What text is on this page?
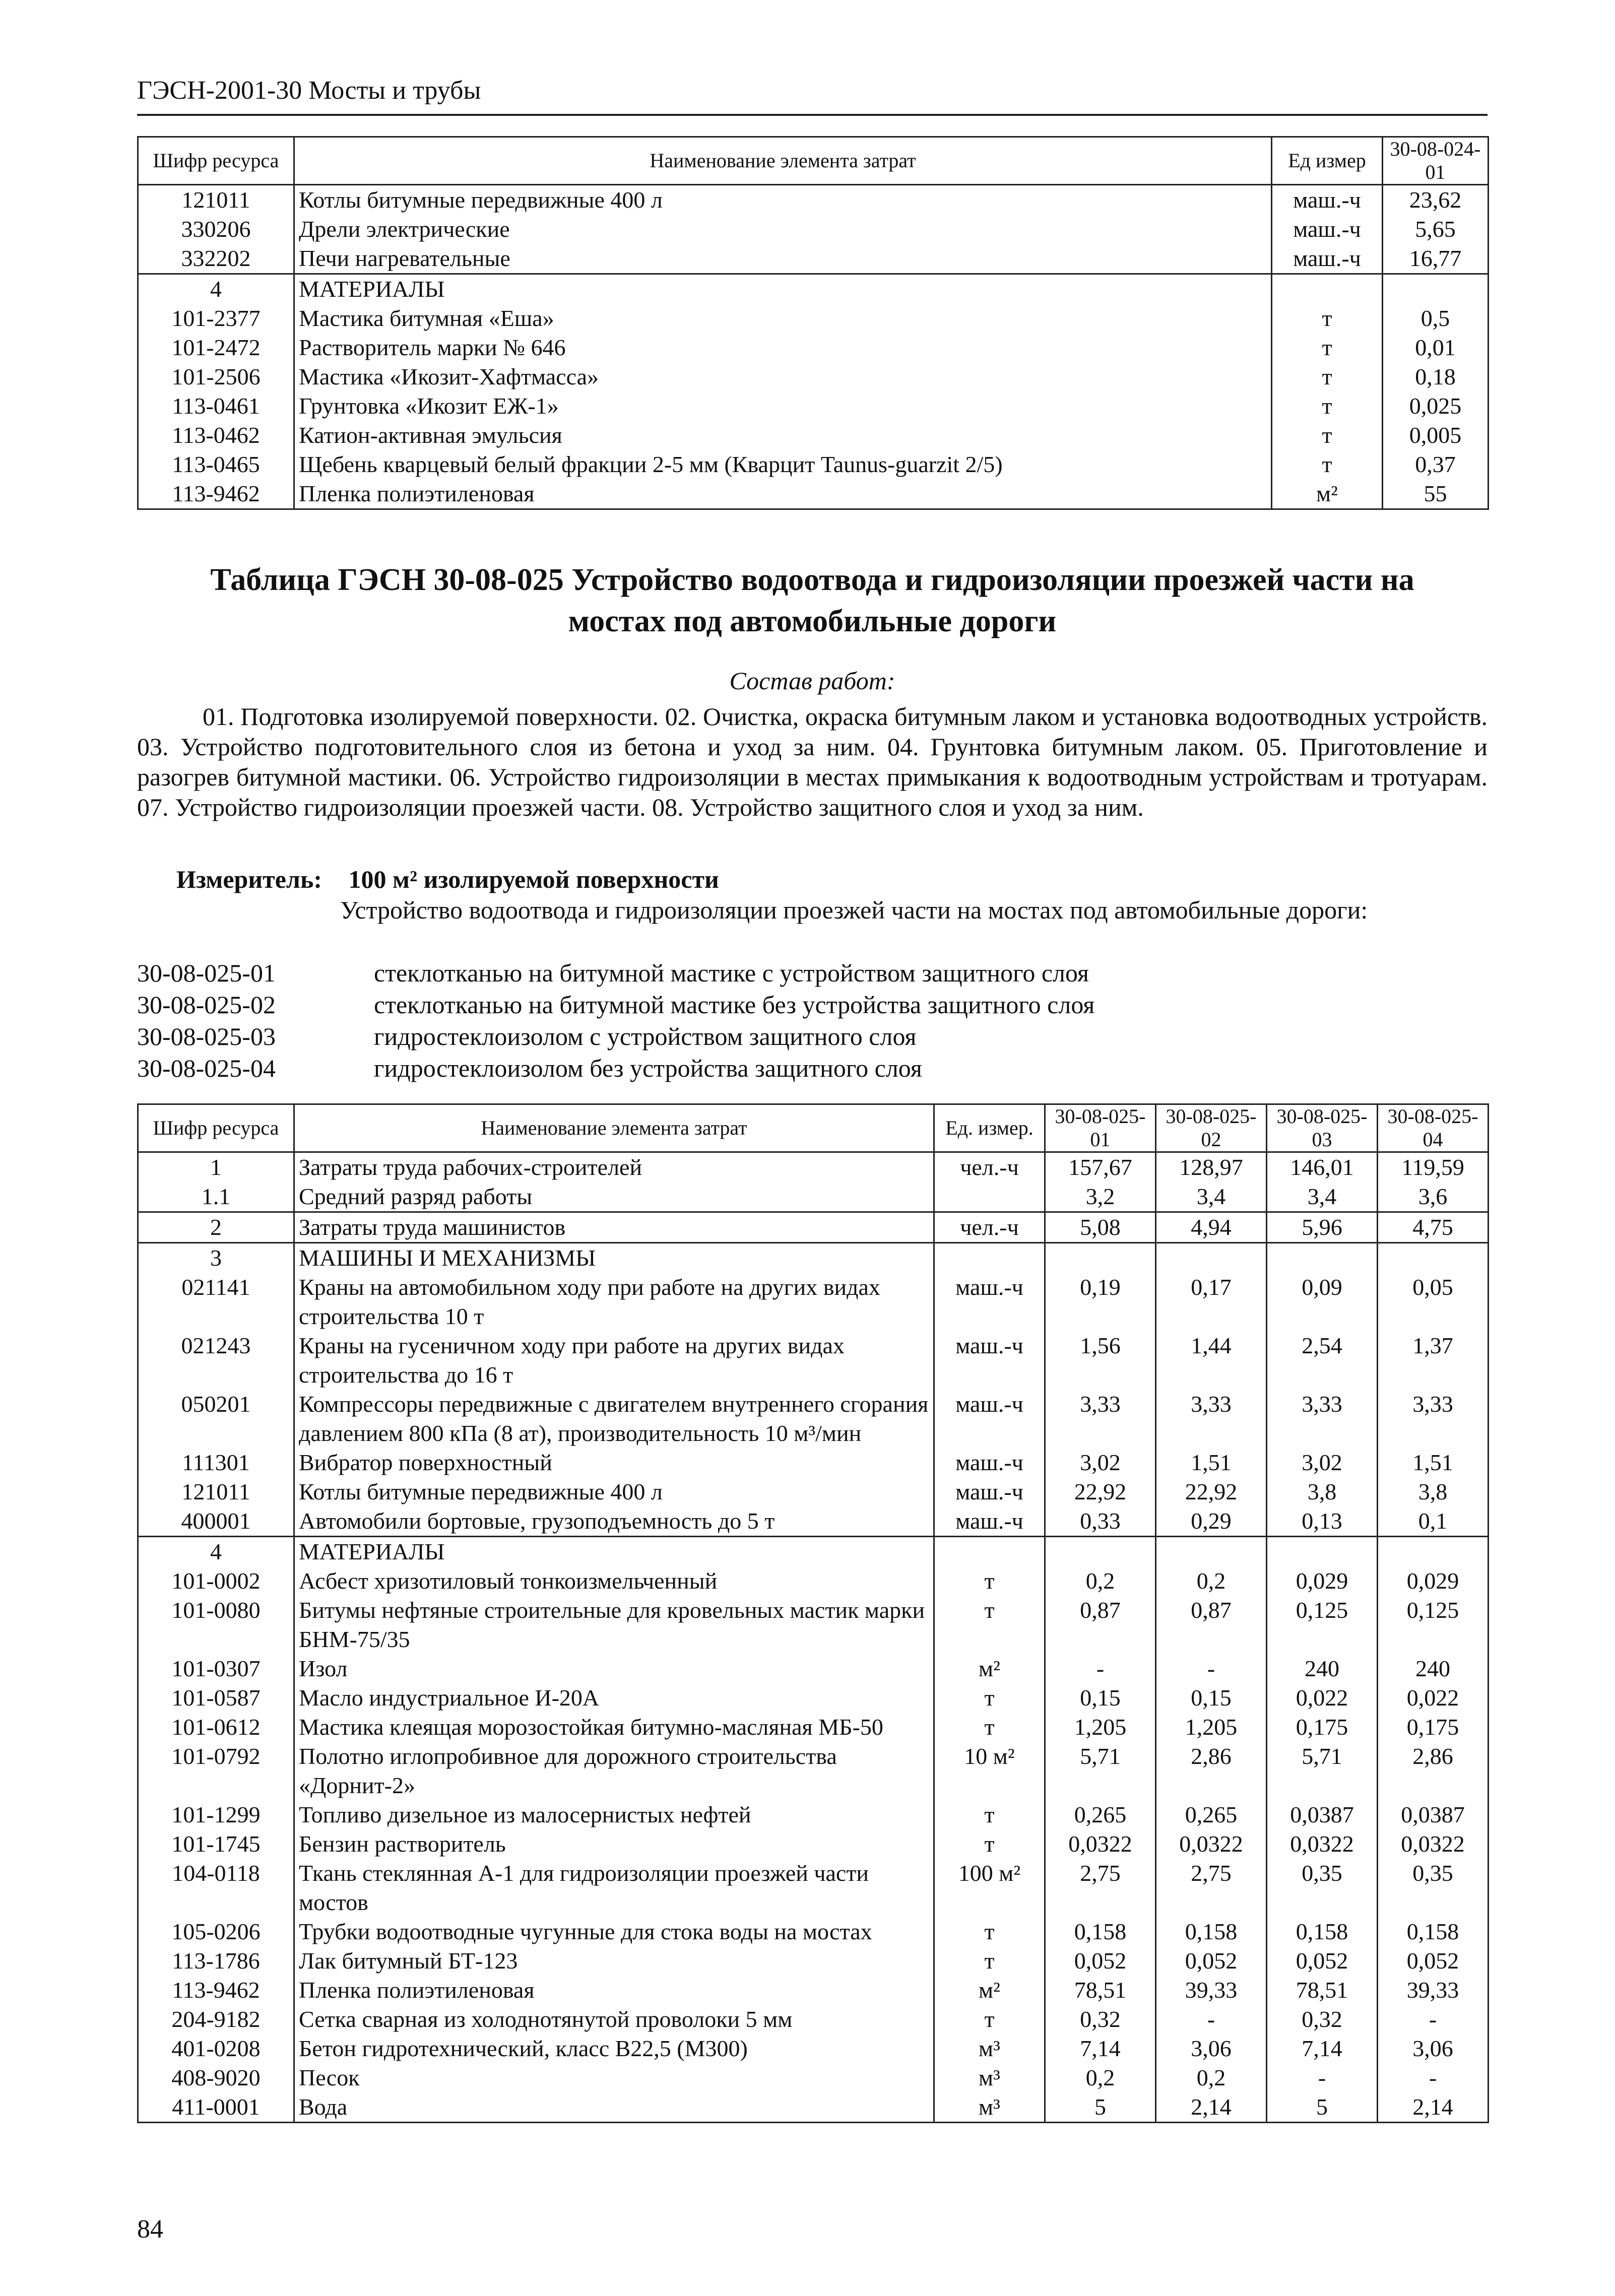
ГЭСН-2001-30 Мосты и трубы
Шифр ресурса	Наименование элемента затрат	Ед измер	30-08-024-01
121011	Котлы битумные передвижные 400 л	маш.-ч	23,62
330206	Дрели электрические	маш.-ч	5,65
332202	Печи нагревательные	маш.-ч	16,77
4	МАТЕРИАЛЫ		
101-2377	Мастика битумная «Еша»	т	0,5
101-2472	Растворитель марки № 646	т	0,01
101-2506	Мастика «Икозит-Хафтмасса»	т	0,18
113-0461	Грунтовка «Икозит ЕЖ-1»	т	0,025
113-0462	Катион-активная эмульсия	т	0,005
113-0465	Щебень кварцевый белый фракции 2-5 мм (Кварцит Taunus-guarzit 2/5)	т	0,37
113-9462	Пленка полиэтиленовая	м²	55
Таблица ГЭСН 30-08-025 Устройство водоотвода и гидроизоляции проезжей части на
мостах под автомобильные дороги
Состав работ:
01. Подготовка изолируемой поверхности. 02. Очистка, окраска битумным лаком и установка водоотводных устройств. 03. Устройство подготовительного слоя из бетона и уход за ним. 04. Грунтовка битумным лаком. 05. Приготовление и разогрев битумной мастики. 06. Устройство гидроизоляции в местах примыкания к водоотводным устройствам и тротуарам. 07. Устройство гидроизоляции проезжей части. 08. Устройство защитного слоя и уход за ним.
Измеритель: 100 м² изолируемой поверхности
Устройство водоотвода и гидроизоляции проезжей части на мостах под автомобильные дороги:
30-08-025-01	стеклотканью на битумной мастике с устройством защитного слоя
30-08-025-02	стеклотканью на битумной мастике без устройства защитного слоя
30-08-025-03	гидростеклоизолом с устройством защитного слоя
30-08-025-04	гидростеклоизолом без устройства защитного слоя
Шифр ресурса	Наименование элемента затрат	Ед. измер.	30-08-025-01	30-08-025-02	30-08-025-03	30-08-025-04
1	Затраты труда рабочих-строителей	чел.-ч	157,67	128,97	146,01	119,59
1.1	Средний разряд работы		3,2	3,4	3,4	3,6
2	Затраты труда машинистов	чел.-ч	5,08	4,94	5,96	4,75
3	МАШИНЫ И МЕХАНИЗМЫ					
021141	Краны на автомобильном ходу при работе на других видах строительства 10 т	маш.-ч	0,19	0,17	0,09	0,05
021243	Краны на гусеничном ходу при работе на других видах строительства до 16 т	маш.-ч	1,56	1,44	2,54	1,37
050201	Компрессоры передвижные с двигателем внутреннего сгорания давлением 800 кПа (8 ат), производительность 10 м³/мин	маш.-ч	3,33	3,33	3,33	3,33
111301	Вибратор поверхностный	маш.-ч	3,02	1,51	3,02	1,51
121011	Котлы битумные передвижные 400 л	маш.-ч	22,92	22,92	3,8	3,8
400001	Автомобили бортовые, грузоподъемность до 5 т	маш.-ч	0,33	0,29	0,13	0,1
4	МАТЕРИАЛЫ					
101-0002	Асбест хризотиловый тонкоизмельченный	т	0,2	0,2	0,029	0,029
101-0080	Битумы нефтяные строительные для кровельных мастик марки БНМ-75/35	т	0,87	0,87	0,125	0,125
101-0307	Изол	м²	-	-	240	240
101-0587	Масло индустриальное И-20А	т	0,15	0,15	0,022	0,022
101-0612	Мастика клеящая морозостойкая битумно-масляная МБ-50	т	1,205	1,205	0,175	0,175
101-0792	Полотно иглопробивное для дорожного строительства «Дорнит-2»	10 м²	5,71	2,86	5,71	2,86
101-1299	Топливо дизельное из малосернистых нефтей	т	0,265	0,265	0,0387	0,0387
101-1745	Бензин растворитель	т	0,0322	0,0322	0,0322	0,0322
104-0118	Ткань стеклянная А-1 для гидроизоляции проезжей части мостов	100 м²	2,75	2,75	0,35	0,35
105-0206	Трубки водоотводные чугунные для стока воды на мостах	т	0,158	0,158	0,158	0,158
113-1786	Лак битумный БТ-123	т	0,052	0,052	0,052	0,052
113-9462	Пленка полиэтиленовая	м²	78,51	39,33	78,51	39,33
204-9182	Сетка сварная из холоднотянутой проволоки 5 мм	т	0,32	-	0,32	-
401-0208	Бетон гидротехнический, класс В22,5 (М300)	м³	7,14	3,06	7,14	3,06
408-9020	Песок	м³	0,2	0,2	-	-
411-0001	Вода	м³	5	2,14	5	2,14
84
